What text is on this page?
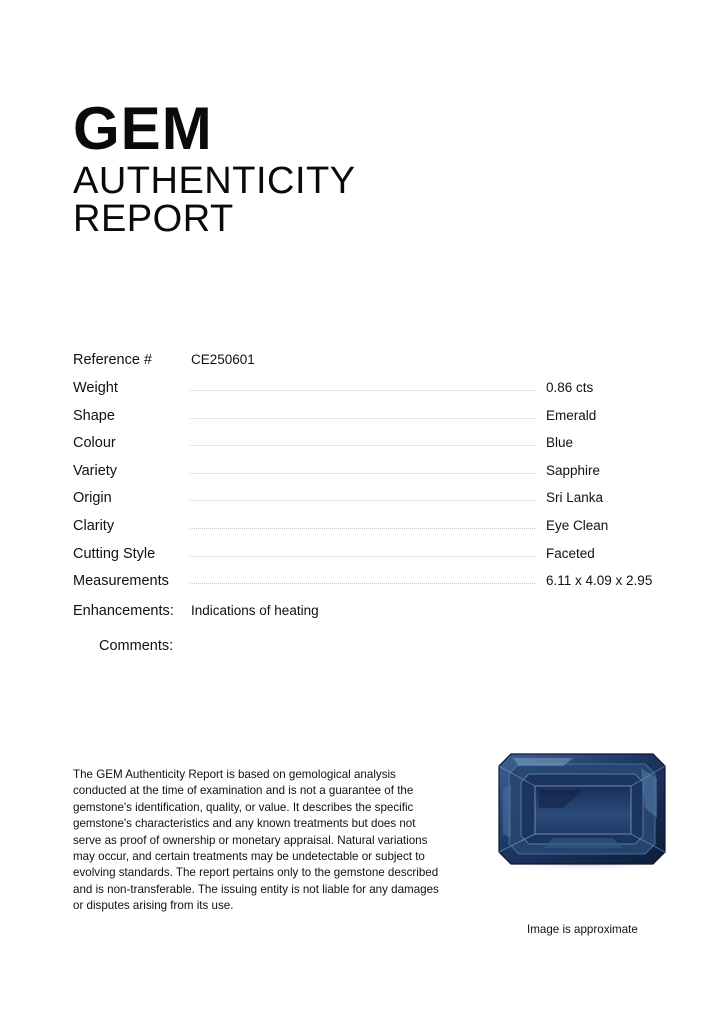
GEM
AUTHENTICITY
REPORT
Reference #	CE250601
Weight	0.86 cts
Shape	Emerald
Colour	Blue
Variety	Sapphire
Origin	Sri Lanka
Clarity	Eye Clean
Cutting Style	Faceted
Measurements	6.11 x 4.09 x 2.95
Enhancements: Indications of heating
Comments:
The GEM Authenticity Report is based on gemological analysis conducted at the time of examination and is not a guarantee of the gemstone's identification, quality, or value. It describes the specific gemstone's characteristics and any known treatments but does not serve as proof of ownership or monetary appraisal. Natural variations may occur, and certain treatments may be undetectable or subject to evolving standards. The report pertains only to the gemstone described and is non-transferable. The issuing entity is not liable for any damages or disputes arising from its use.
Image is approximate
